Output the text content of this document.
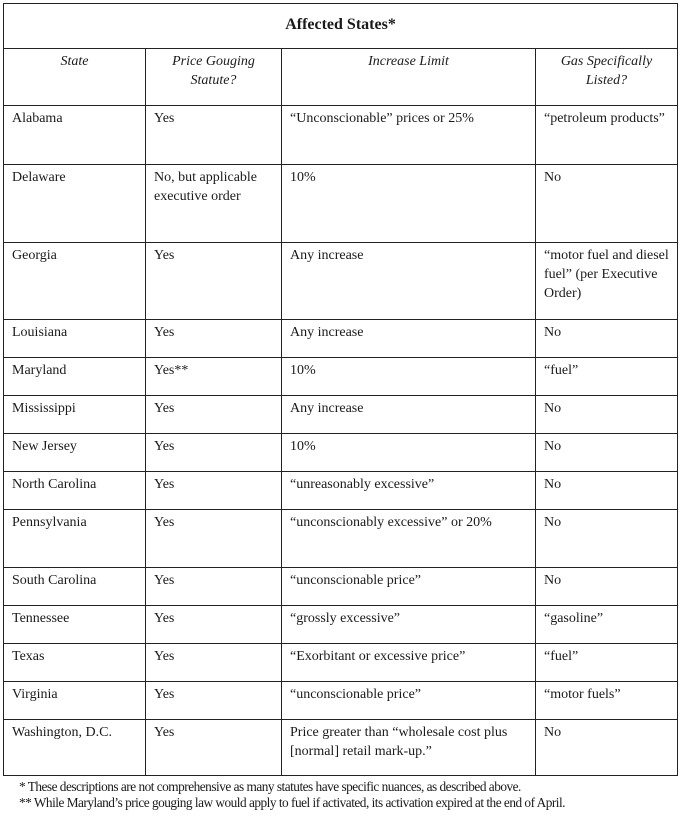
Affected States*			
State	Price Gouging Statute?	Increase Limit	Gas Specifically Listed?

Alabama	Yes	“Unconscionable” prices or 25%	“petroleum products”

Delaware	No, but applicable executive order	10%	No

Georgia	Yes	Any increase	“motor fuel and diesel fuel” (per Executive Order)

Louisiana	Yes	Any increase	No

Maryland	Yes**	10%	“fuel”

Mississippi	Yes	Any increase	No

New Jersey	Yes	10%	No

North Carolina	Yes	“unreasonably excessive”	No

Pennsylvania	Yes	“unconscionably excessive” or 20%	No

South Carolina	Yes	“unconscionable price”	No

Tennessee	Yes	“grossly excessive”	“gasoline”

Texas	Yes	“Exorbitant or excessive price”	“fuel”

Virginia	Yes	“unconscionable price”	“motor fuels”

Washington, D.C.	Yes	Price greater than “wholesale cost plus [normal] retail mark-up.”	No
* These descriptions are not comprehensive as many statutes have specific nuances, as described above.
** While Maryland’s price gouging law would apply to fuel if activated, its activation expired at the end of April.
